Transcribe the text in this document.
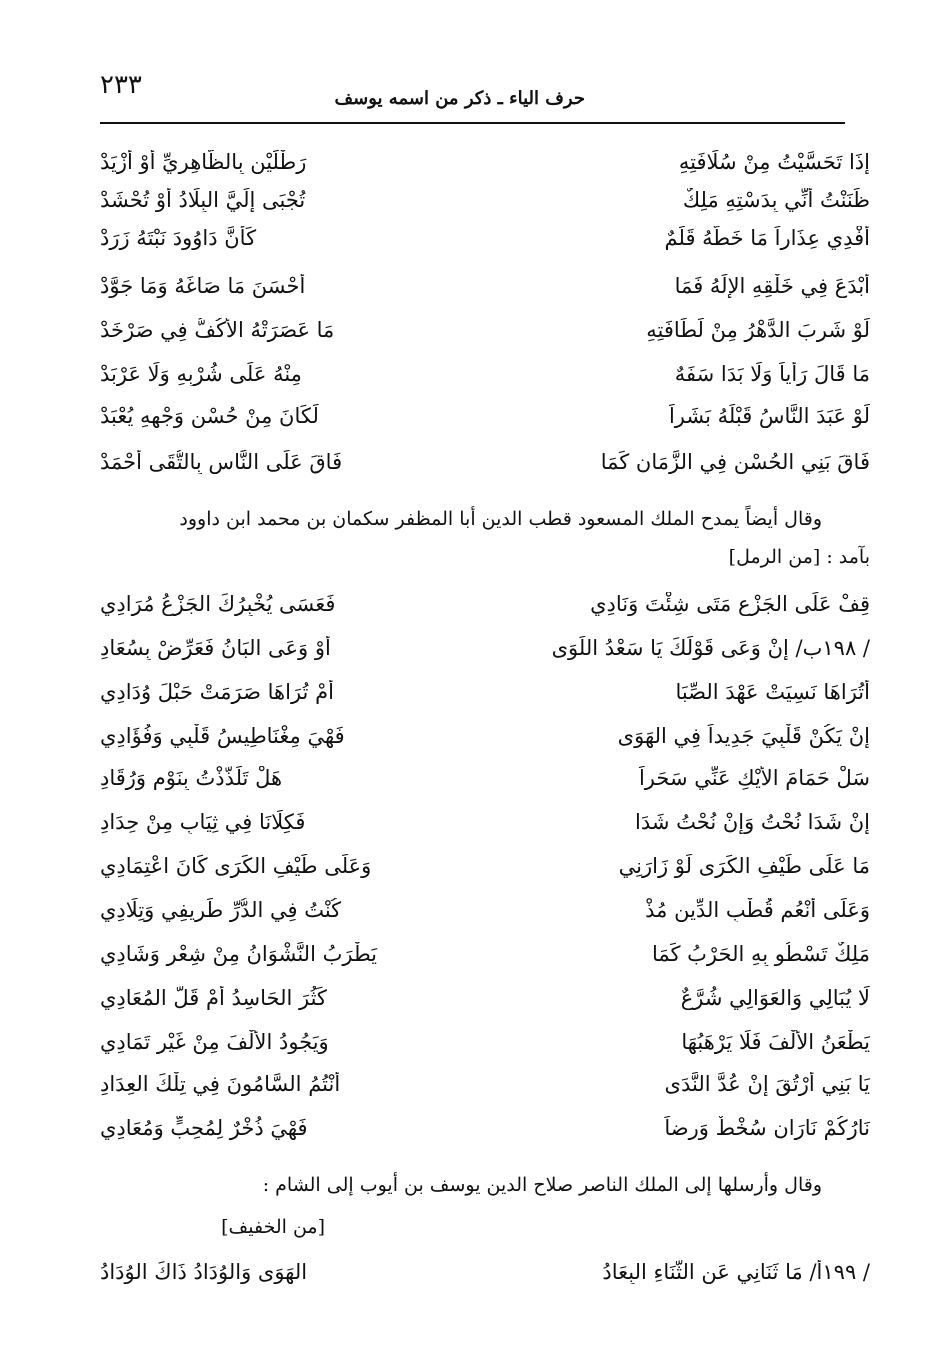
٢٣٣	حرف الياء ـ ذكر من اسمه يوسف
إذَا تَحَسَّيْتُ مِنْ سُلَافَتِهِ
رَطْلَيْنِ بِالظَّاهِرِيِّ أَوْ أَزْيَدْ
ظَنَنْتُ أَنِّي بِدَسْتِهِ مَلِكٌ
تُجْبَى إِلَيَّ البِلَادُ أَوْ تُحْشَدْ
أَفْدِي عِذَاراً مَا خَطَّهُ قَلَمٌ
كَأَنَّ دَاوُودَ نَبْتَهُ زَرَدْ
أَبْدَعَ فِي خَلْقِهِ الإِلَهُ فَمَا
أَحْسَنَ مَا صَاغَهُ وَمَا جَوَّدْ
لَوْ شَرِبَ الدَّهْرُ مِنْ لَطَافَتِهِ
مَا عَصَرَتْهُ الأَكُفُّ فِي صَرْخَدْ
مَا قَالَ رَأْياً وَلَا بَدَا سَفَهٌ
مِنْهُ عَلَى شُرْبِهِ وَلَا عَرْبَدْ
لَوْ عَبَدَ النَّاسُ قَبْلَهُ بَشَراً
لَكَانَ مِنْ حُسْنِ وَجْهِهِ يُعْبَدْ
فَاقَ بَنِي الحُسْنِ فِي الزَّمَانِ كَمَا
فَاقَ عَلَى النَّاسِ بِالتُّقَى أَحْمَدْ
وقال أيضاً يمدح الملك المسعود قطب الدين أبا المظفر سكمان بن محمد ابن داوود
بآمد : [من الرمل]
قِفْ عَلَى الجَزْعِ مَتَى شِئْتَ وَنَادِي
فَعَسَى يُخْبِرُكَ الجَزْعُ مُرَادِي
/ ١٩٨ب/ إِنْ وَعَى قَوْلَكَ يَا سَعْدُ اللِّوَى
أَوْ وَعَى البَانُ فَعَرِّضْ بِسُعَادِ
أَتُرَاهَا نَسِيَتْ عَهْدَ الصِّبَا
أَمْ تُرَاهَا صَرَمَتْ حَبْلَ وُدَادِي
إِنْ يَكُنْ قَلْبِيَ جَدِيداً فِي الهَوَى
فَهْيَ مِغْنَاطِيسُ قَلْبِي وَفُؤَادِي
سَلْ حَمَامَ الأَيْكِ عَنِّي سَحَراً
هَلْ تَلَذَّذْتُ بِنَوْمٍ وَرُقَادِ
إِنْ شَدَا نُحْتُ وَإِنْ نُحْتُ شَدَا
فَكِلَانَا فِي ثِيَابٍ مِنْ حِدَادِ
مَا عَلَى طَيْفِ الكَرَى لَوْ زَارَنِي
وَعَلَى طَيْفِ الكَرَى كَانَ اعْتِمَادِي
وَعَلَى أَنْعُمِ قُطْبِ الدِّينِ مُذْ
كُنْتُ فِي الدُّرِّ طَرِيفِي وَتِلَادِي
مَلِكٌ تَسْطُو بِهِ الحَرْبُ كَمَا
يَطْرَبُ النَّشْوَانُ مِنْ شِعْرٍ وَشَادِي
لَا يُبَالِي وَالعَوَالِي شُرَّعٌ
كَثُرَ الحَاسِدُ أَمْ قَلَّ المُعَادِي
يَطْعَنُ الأَلْفَ فَلَا يَرْهَبُهَا
وَيَجُودُ الأَلْفَ مِنْ غَيْرِ تَمَادِي
يَا بَنِي أُرْتُقَ إِنْ عُدَّ النَّدَى
أَنْتُمُ السَّامُونَ فِي تِلْكَ العِدَادِ
نَارُكُمْ نَارَانِ سُخْطٌ وَرِضاً
فَهْيَ ذُخْرٌ لِمُحِبٍّ وَمُعَادِي
وقال وأرسلها إلى الملك الناصر صلاح الدين يوسف بن أيوب إلى الشام :
[من الخفيف]
/ ١٩٩أ/ مَا ثَنَانِي عَنِ الثَّنَاءِ البِعَادُ
الهَوَى وَالوُدَادُ ذَاكَ الوُدَادُ
